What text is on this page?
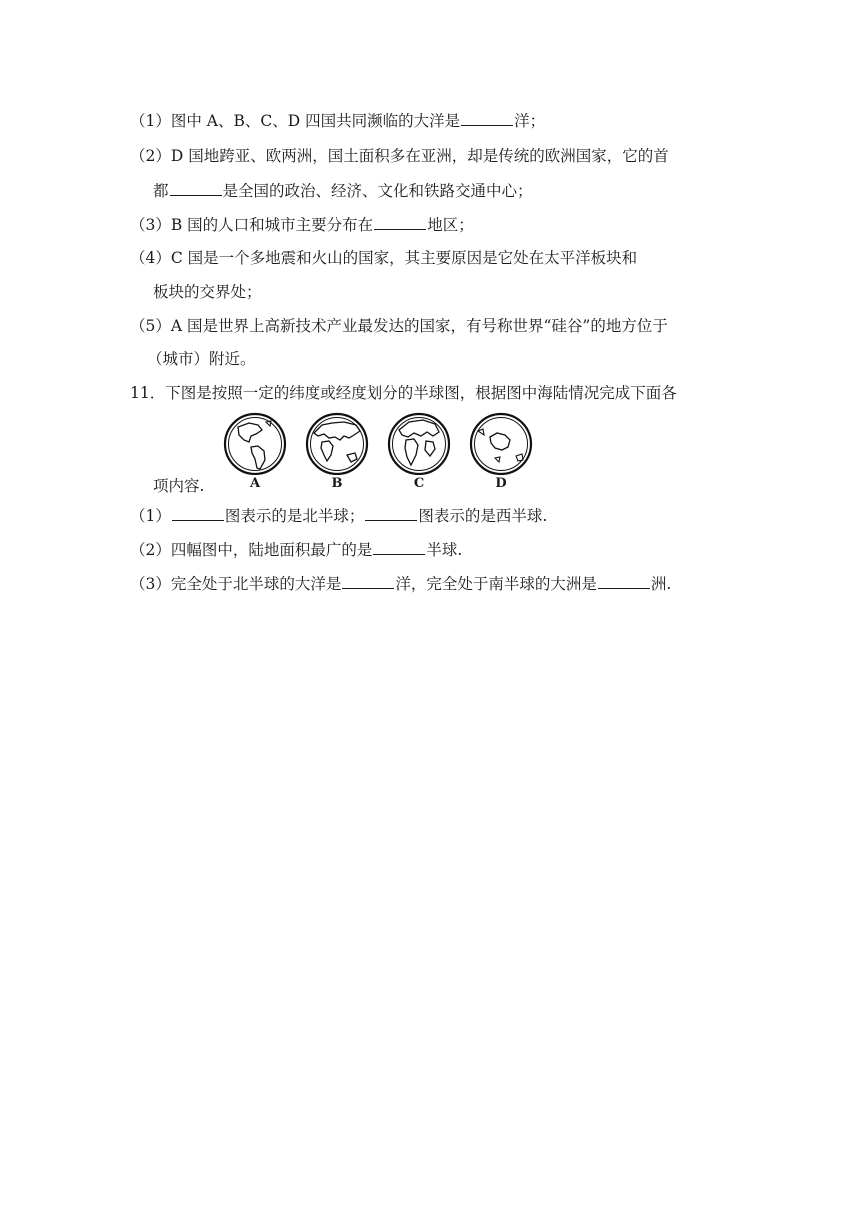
（1）图中 A、B、C、D 四国共同濒临的大洋是	洋；
（2）D 国地跨亚、欧两洲，国土面积多在亚洲，却是传统的欧洲国家，它的首
都	是全国的政治、经济、文化和铁路交通中心；
（3）B 国的人口和城市主要分布在	地区；
（4）C 国是一个多地震和火山的国家，其主要原因是它处在太平洋板块和
板块的交界处；
（5）A 国是世界上高新技术产业最发达的国家，有号称世界“硅谷”的地方位于
（城市）附近。
11．下图是按照一定的纬度或经度划分的半球图，根据图中海陆情况完成下面各
A	B	C	D
项内容.
（1）	图表示的是北半球；	图表示的是西半球.
（2）四幅图中，陆地面积最广的是	半球.
（3）完全处于北半球的大洋是	洋，完全处于南半球的大洲是	洲.
